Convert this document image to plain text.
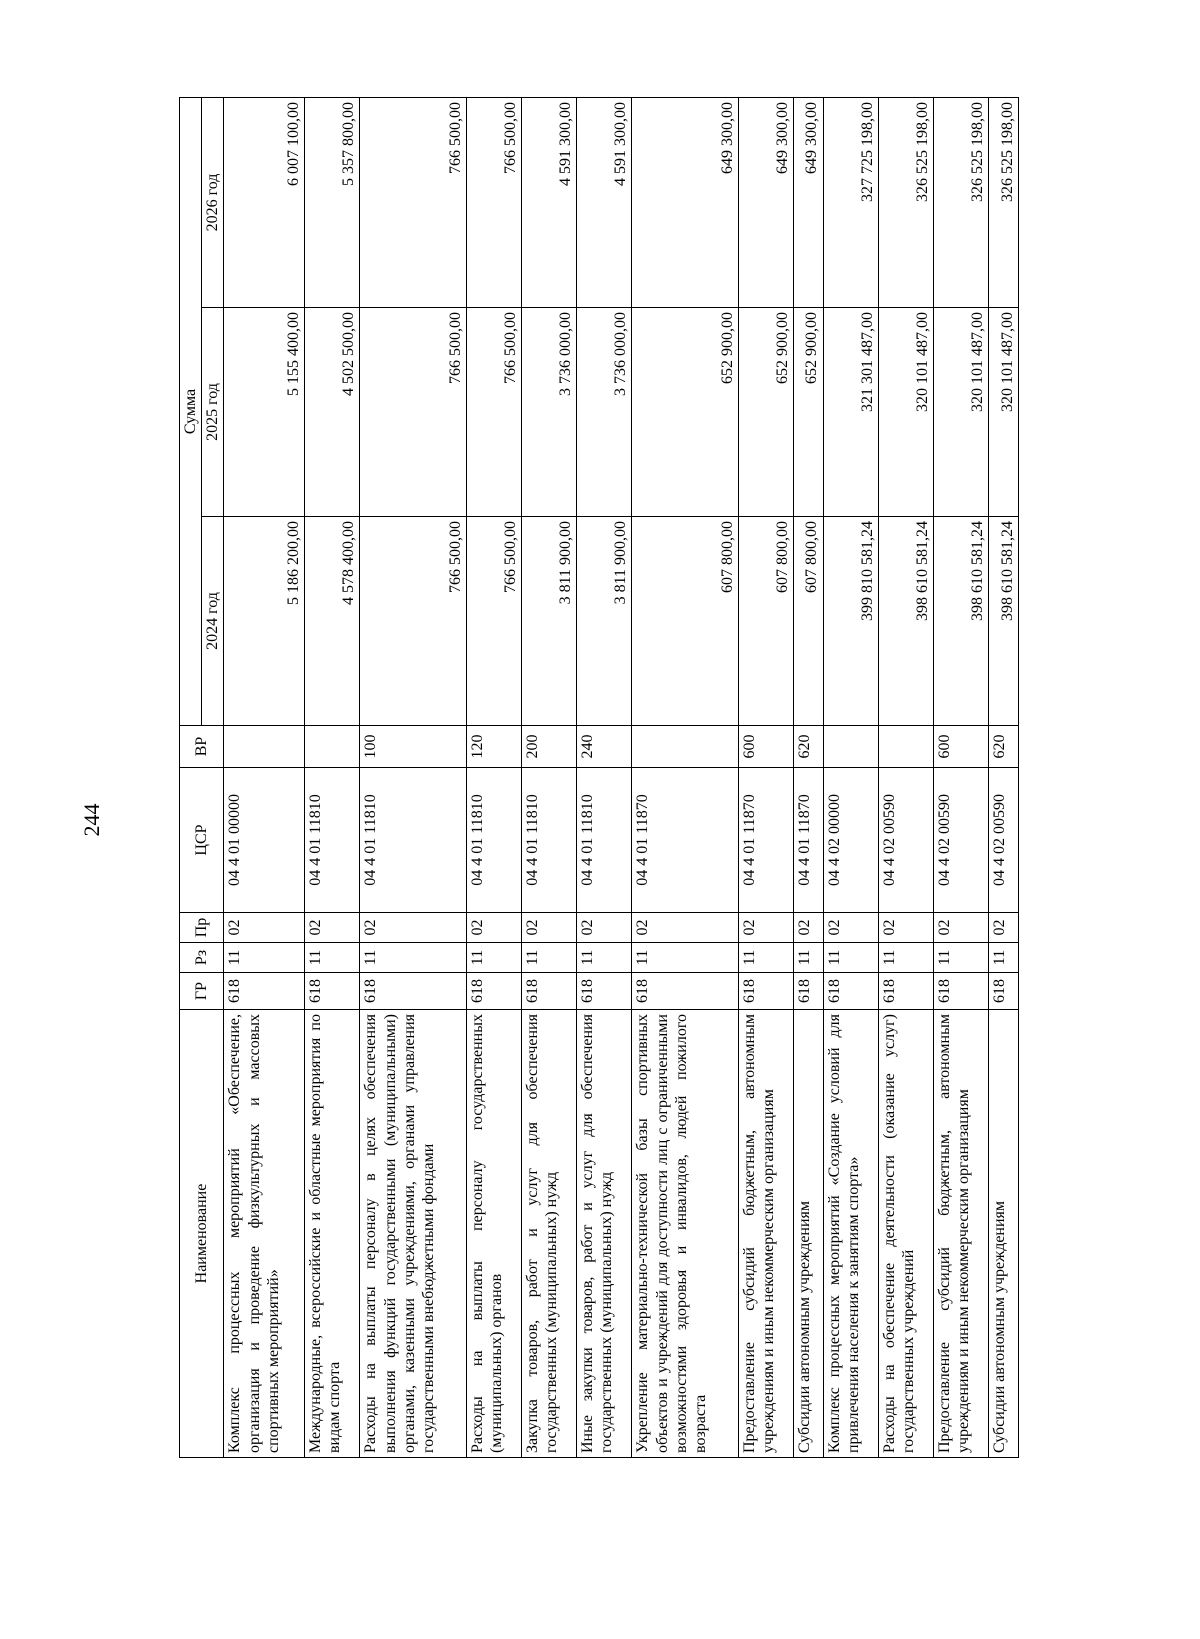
244
Наименование	ГР	Рз	Пр	ЦСР	ВР	Сумма		
						2024 год	2025 год	2026 год
Комплекс процессных мероприятий «Обеспечение, организация и проведение физкультурных и массовых спортивных мероприятий»	618	11	02	04 4 01 00000		5 186 200,00	5 155 400,00	6 007 100,00
Международные, всероссийские и областные мероприятия по видам спорта	618	11	02	04 4 01 11810		4 578 400,00	4 502 500,00	5 357 800,00
Расходы на выплаты персоналу в целях обеспечения выполнения функций государственными (муниципальными) органами, казенными учреждениями, органами управления государственными внебюджетными фондами	618	11	02	04 4 01 11810	100	766 500,00	766 500,00	766 500,00
Расходы на выплаты персоналу государственных (муниципальных) органов	618	11	02	04 4 01 11810	120	766 500,00	766 500,00	766 500,00
Закупка товаров, работ и услуг для обеспечения государственных (муниципальных) нужд	618	11	02	04 4 01 11810	200	3 811 900,00	3 736 000,00	4 591 300,00
Иные закупки товаров, работ и услуг для обеспечения государственных (муниципальных) нужд	618	11	02	04 4 01 11810	240	3 811 900,00	3 736 000,00	4 591 300,00
Укрепление материально-технической базы спортивных объектов и учреждений для доступности лиц с ограниченными возможностями здоровья и инвалидов, людей пожилого возраста	618	11	02	04 4 01 11870		607 800,00	652 900,00	649 300,00
Предоставление субсидий бюджетным, автономным учреждениям и иным некоммерческим организациям	618	11	02	04 4 01 11870	600	607 800,00	652 900,00	649 300,00
Субсидии автономным учреждениям	618	11	02	04 4 01 11870	620	607 800,00	652 900,00	649 300,00
Комплекс процессных мероприятий «Создание условий для привлечения населения к занятиям спорта»	618	11	02	04 4 02 00000		399 810 581,24	321 301 487,00	327 725 198,00
Расходы на обеспечение деятельности (оказание услуг) государственных учреждений	618	11	02	04 4 02 00590		398 610 581,24	320 101 487,00	326 525 198,00
Предоставление субсидий бюджетным, автономным учреждениям и иным некоммерческим организациям	618	11	02	04 4 02 00590	600	398 610 581,24	320 101 487,00	326 525 198,00
Субсидии автономным учреждениям	618	11	02	04 4 02 00590	620	398 610 581,24	320 101 487,00	326 525 198,00
